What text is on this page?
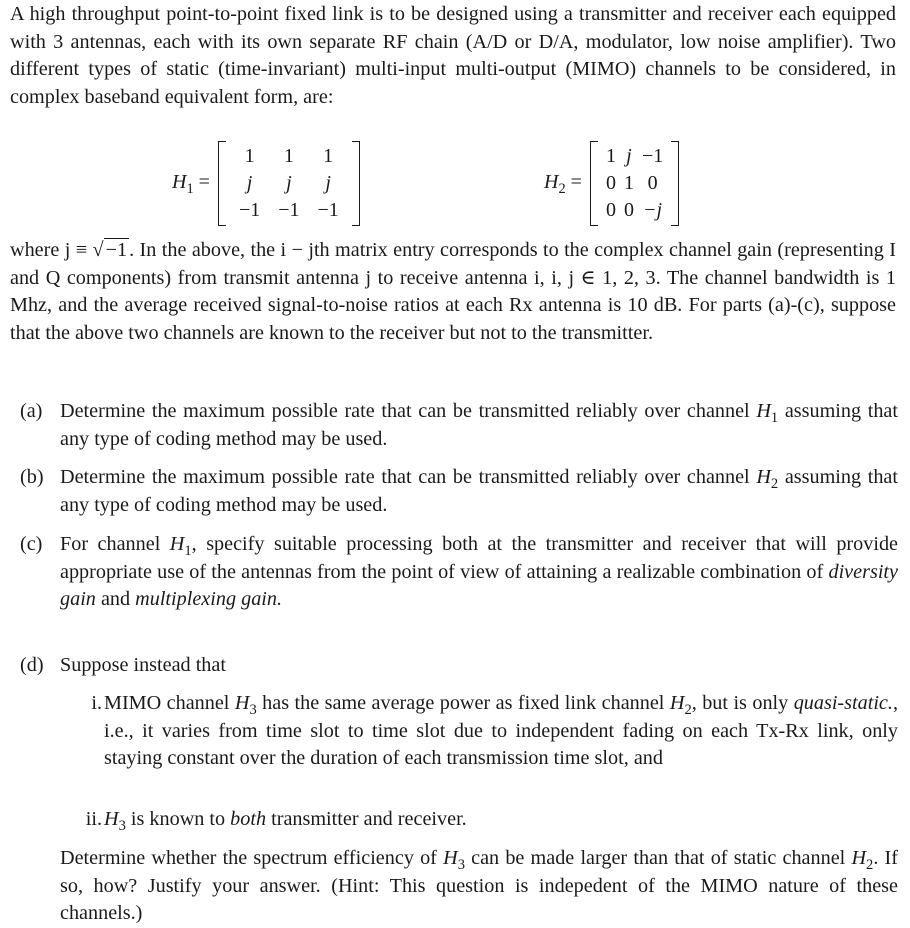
A high throughput point-to-point fixed link is to be designed using a transmitter and receiver each equipped with 3 antennas, each with its own separate RF chain (A/D or D/A, modulator, low noise amplifier). Two different types of static (time-invariant) multi-input multi-output (MIMO) channels to be considered, in complex baseband equivalent form, are:
$H_1$ =
1	1	1
j	j	j
−1	−1	−1
$H_2$ =
1	j	−1
0	1	0
0	0	−j
where j ≡ √−1. In the above, the i − jth matrix entry corresponds to the complex channel gain (representing I and Q components) from transmit antenna j to receive antenna i, i, j ∈ 1, 2, 3. The channel bandwidth is 1 Mhz, and the average received signal-to-noise ratios at each Rx antenna is 10 dB. For parts (a)-(c), suppose that the above two channels are known to the receiver but not to the transmitter.
(a) Determine the maximum possible rate that can be transmitted reliably over channel $H_1$ assuming that any type of coding method may be used.
(b) Determine the maximum possible rate that can be transmitted reliably over channel $H_2$ assuming that any type of coding method may be used.
(c) For channel $H_1$, specify suitable processing both at the transmitter and receiver that will provide appropriate use of the antennas from the point of view of attaining a realizable combination of diversity gain and multiplexing gain.
(d) Suppose instead that
i. MIMO channel $H_3$ has the same average power as fixed link channel $H_2$, but is only quasi-static., i.e., it varies from time slot to time slot due to independent fading on each Tx-Rx link, only staying constant over the duration of each transmission time slot, and
ii. $H_3$ is known to both transmitter and receiver.
Determine whether the spectrum efficiency of $H_3$ can be made larger than that of static channel $H_2$. If so, how? Justify your answer. (Hint: This question is indepedent of the MIMO nature of these channels.)
